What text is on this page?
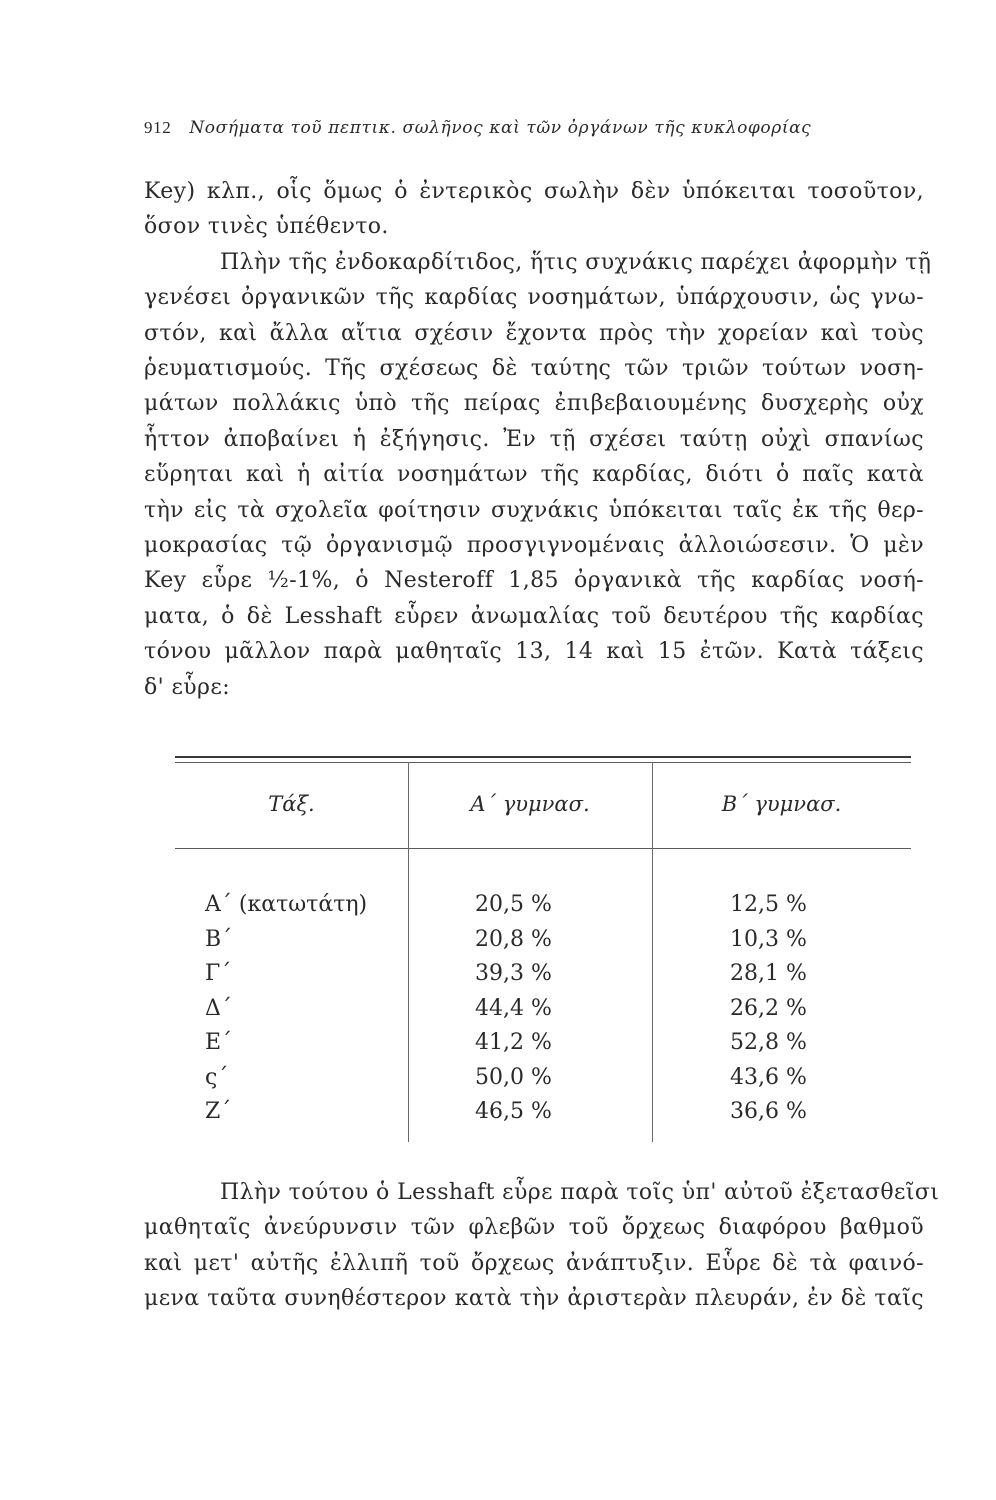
912 Νοσήματα τοῦ πεπτικ. σωλῆνος καὶ τῶν ὀργάνων τῆς κυκλοφορίας
Key) κλπ., οἷς ὅμως ὁ ἐντερικὸς σωλὴν δὲν ὑπόκειται τοσοῦτον,
ὅσον τινὲς ὑπέθεντο.
Πλὴν τῆς ἐνδοκαρδίτιδος, ἥτις συχνάκις παρέχει ἀφορμὴν τῇ
γενέσει ὀργανικῶν τῆς καρδίας νοσημάτων, ὑπάρχουσιν, ὡς γνω-
στόν, καὶ ἄλλα αἴτια σχέσιν ἔχοντα πρὸς τὴν χορείαν καὶ τοὺς
ῥευματισμούς. Τῆς σχέσεως δὲ ταύτης τῶν τριῶν τούτων νοση-
μάτων πολλάκις ὑπὸ τῆς πείρας ἐπιβεβαιουμένης δυσχερὴς οὐχ
ἧττον ἀποβαίνει ἡ ἐξήγησις. Ἐν τῇ σχέσει ταύτῃ οὐχὶ σπανίως
εὕρηται καὶ ἡ αἰτία νοσημάτων τῆς καρδίας, διότι ὁ παῖς κατὰ
τὴν εἰς τὰ σχολεῖα φοίτησιν συχνάκις ὑπόκειται ταῖς ἐκ τῆς θερ-
μοκρασίας τῷ ὀργανισμῷ προσγιγνομέναις ἀλλοιώσεσιν. Ὁ μὲν
Key εὗρε ½-1%, ὁ Nesteroff 1,85 ὀργανικὰ τῆς καρδίας νοσή-
ματα, ὁ δὲ Lesshaft εὗρεν ἀνωμαλίας τοῦ δευτέρου τῆς καρδίας
τόνου μᾶλλον παρὰ μαθηταῖς 13, 14 καὶ 15 ἐτῶν. Κατὰ τάξεις
δ' εὗρε:
Τάξ.	Α΄ γυμνασ.	Β΄ γυμνασ.
Α΄ (κατωτάτη)	20,5 %	12,5 %
Β΄	20,8 %	10,3 %
Γ΄	39,3 %	28,1 %
Δ΄	44,4 %	26,2 %
Ε΄	41,2 %	52,8 %
ς΄	50,0 %	43,6 %
Ζ΄	46,5 %	36,6 %
Πλὴν τούτου ὁ Lesshaft εὗρε παρὰ τοῖς ὑπ' αὐτοῦ ἐξετασθεῖσι
μαθηταῖς ἀνεύρυνσιν τῶν φλεβῶν τοῦ ὄρχεως διαφόρου βαθμοῦ
καὶ μετ' αὐτῆς ἐλλιπῆ τοῦ ὄρχεως ἀνάπτυξιν. Εὗρε δὲ τὰ φαινό-
μενα ταῦτα συνηθέστερον κατὰ τὴν ἀριστερὰν πλευράν, ἐν δὲ ταῖς
